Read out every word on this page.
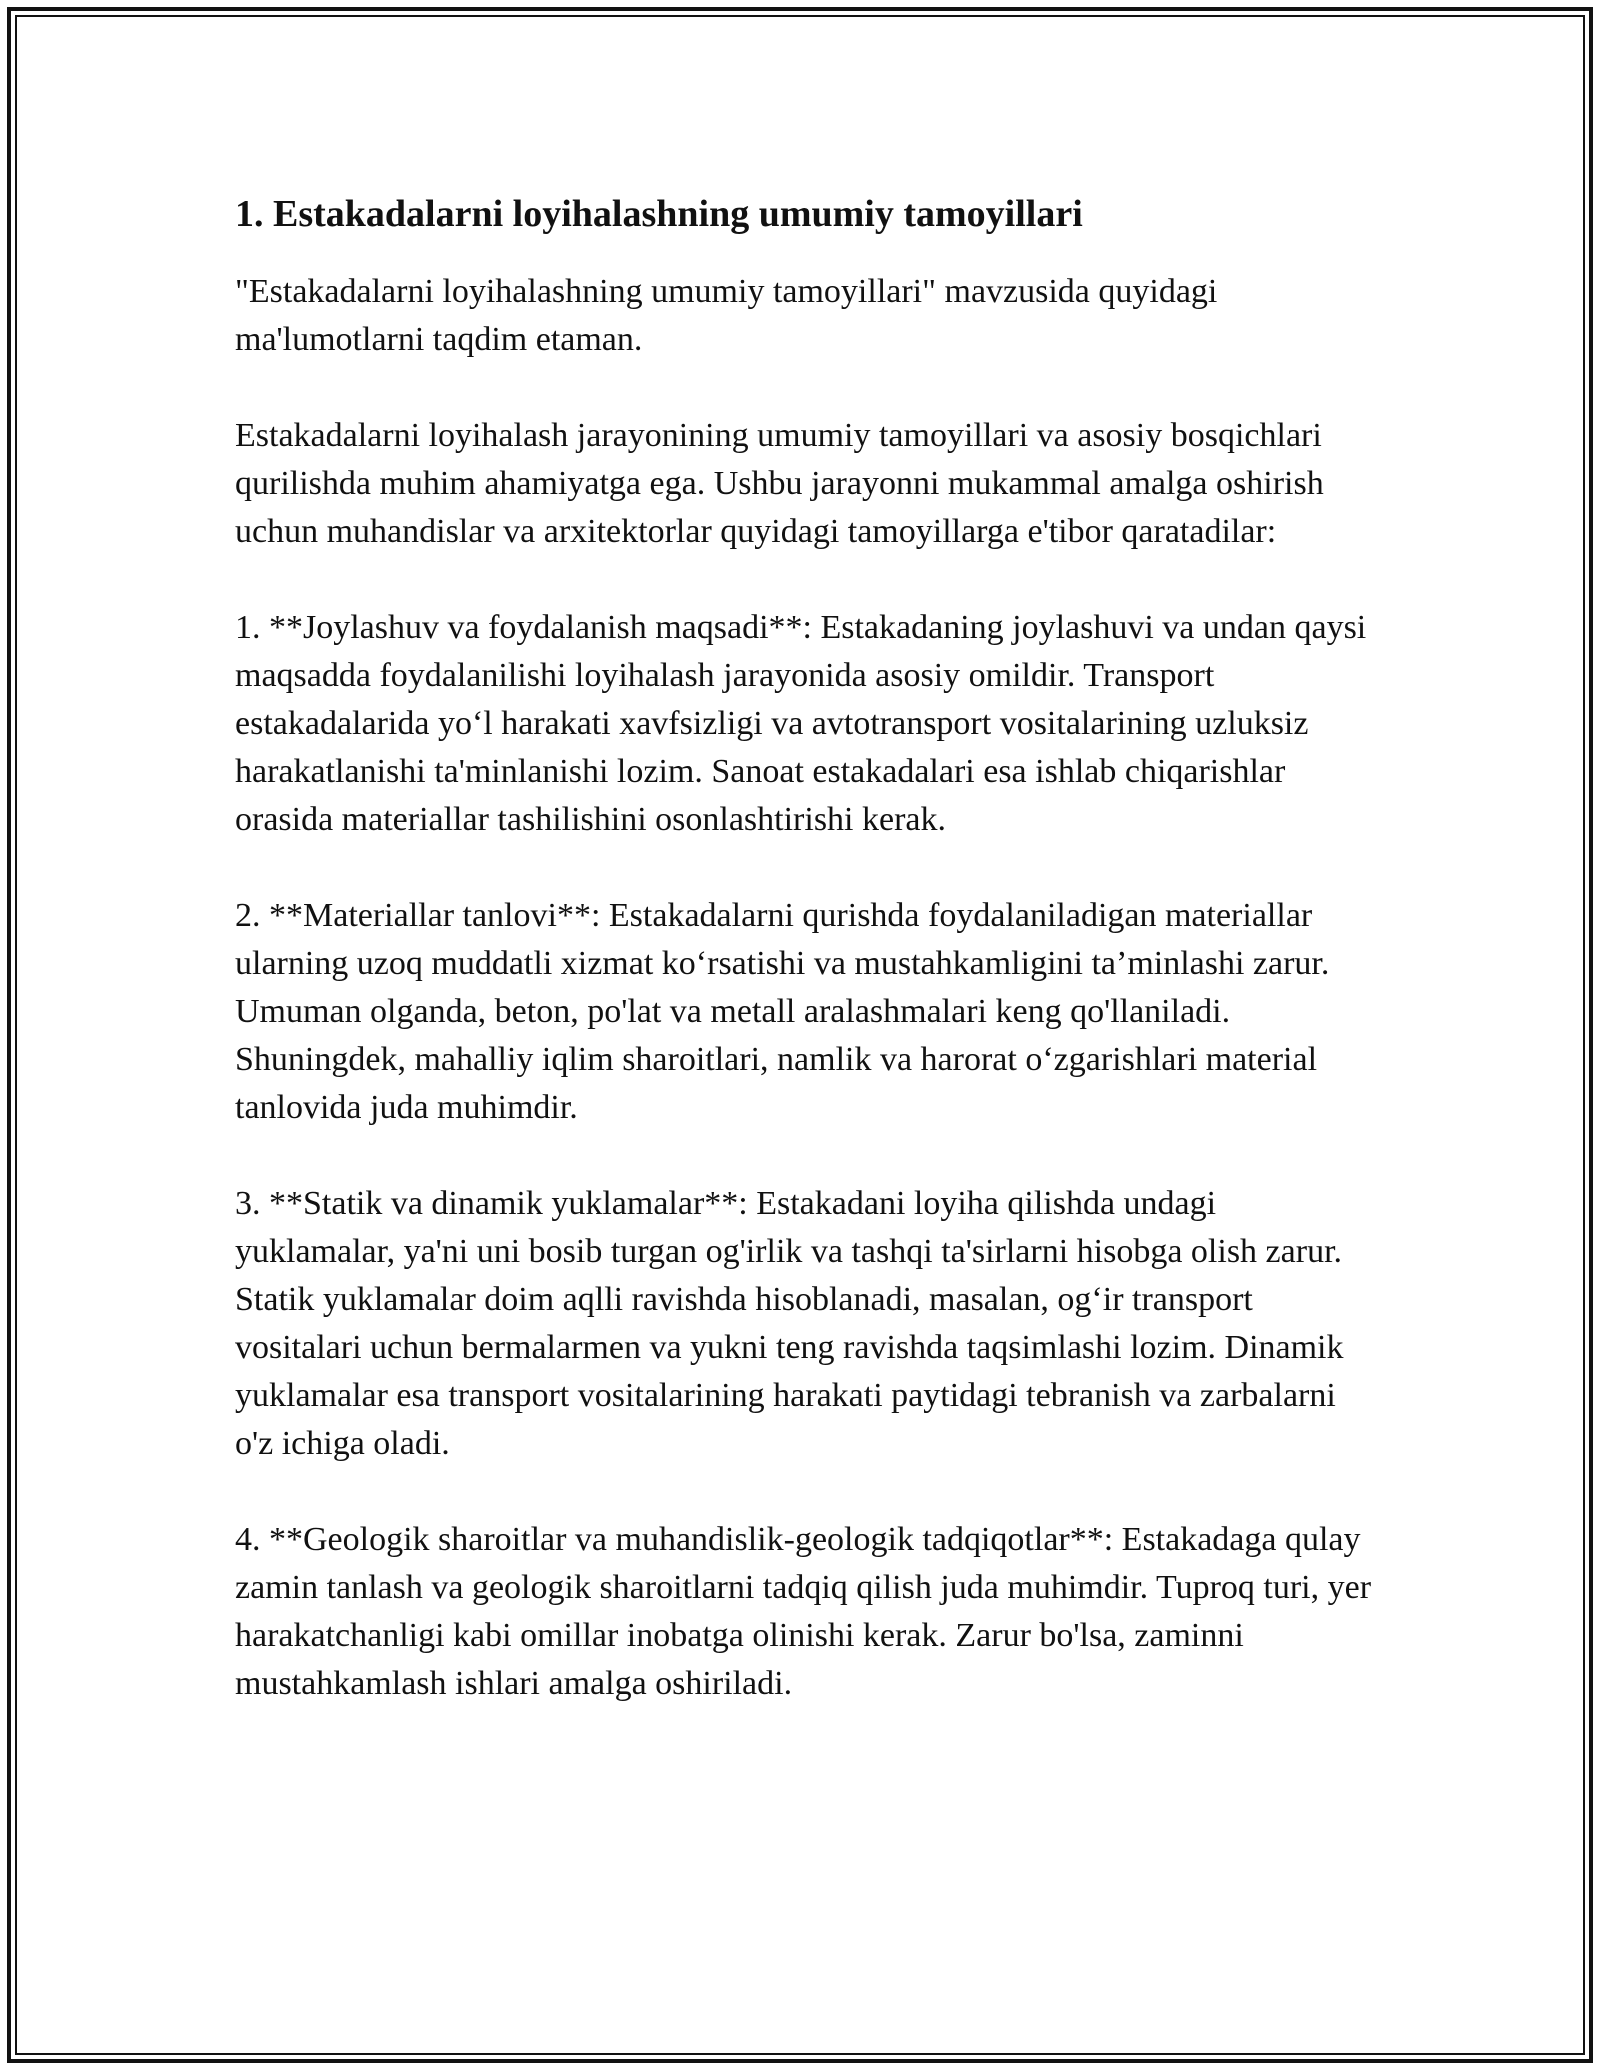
1. Estakadalarni loyihalashning umumiy tamoyillari

"Estakadalarni loyihalashning umumiy tamoyillari" mavzusida quyidagi ma'lumotlarni taqdim etaman.

Estakadalarni loyihalash jarayonining umumiy tamoyillari va asosiy bosqichlari qurilishda muhim ahamiyatga ega. Ushbu jarayonni mukammal amalga oshirish uchun muhandislar va arxitektorlar quyidagi tamoyillarga e'tibor qaratadilar:

1. **Joylashuv va foydalanish maqsadi**: Estakadaning joylashuvi va undan qaysi maqsadda foydalanilishi loyihalash jarayonida asosiy omildir. Transport estakadalarida yo‘l harakati xavfsizligi va avtotransport vositalarining uzluksiz harakatlanishi ta'minlanishi lozim. Sanoat estakadalari esa ishlab chiqarishlar orasida materiallar tashilishini osonlashtirishi kerak.

2. **Materiallar tanlovi**: Estakadalarni qurishda foydalaniladigan materiallar ularning uzoq muddatli xizmat ko‘rsatishi va mustahkamligini ta’minlashi zarur. Umuman olganda, beton, po'lat va metall aralashmalari keng qo'llaniladi. Shuningdek, mahalliy iqlim sharoitlari, namlik va harorat o‘zgarishlari material tanlovida juda muhimdir.

3. **Statik va dinamik yuklamalar**: Estakadani loyiha qilishda undagi yuklamalar, ya'ni uni bosib turgan og'irlik va tashqi ta'sirlarni hisobga olish zarur. Statik yuklamalar doim aqlli ravishda hisoblanadi, masalan, og‘ir transport vositalari uchun bermalarmen va yukni teng ravishda taqsimlashi lozim. Dinamik yuklamalar esa transport vositalarining harakati paytidagi tebranish va zarbalarni o'z ichiga oladi.

4. **Geologik sharoitlar va muhandislik-geologik tadqiqotlar**: Estakadaga qulay zamin tanlash va geologik sharoitlarni tadqiq qilish juda muhimdir. Tuproq turi, yer harakatchanligi kabi omillar inobatga olinishi kerak. Zarur bo'lsa, zaminni mustahkamlash ishlari amalga oshiriladi.
